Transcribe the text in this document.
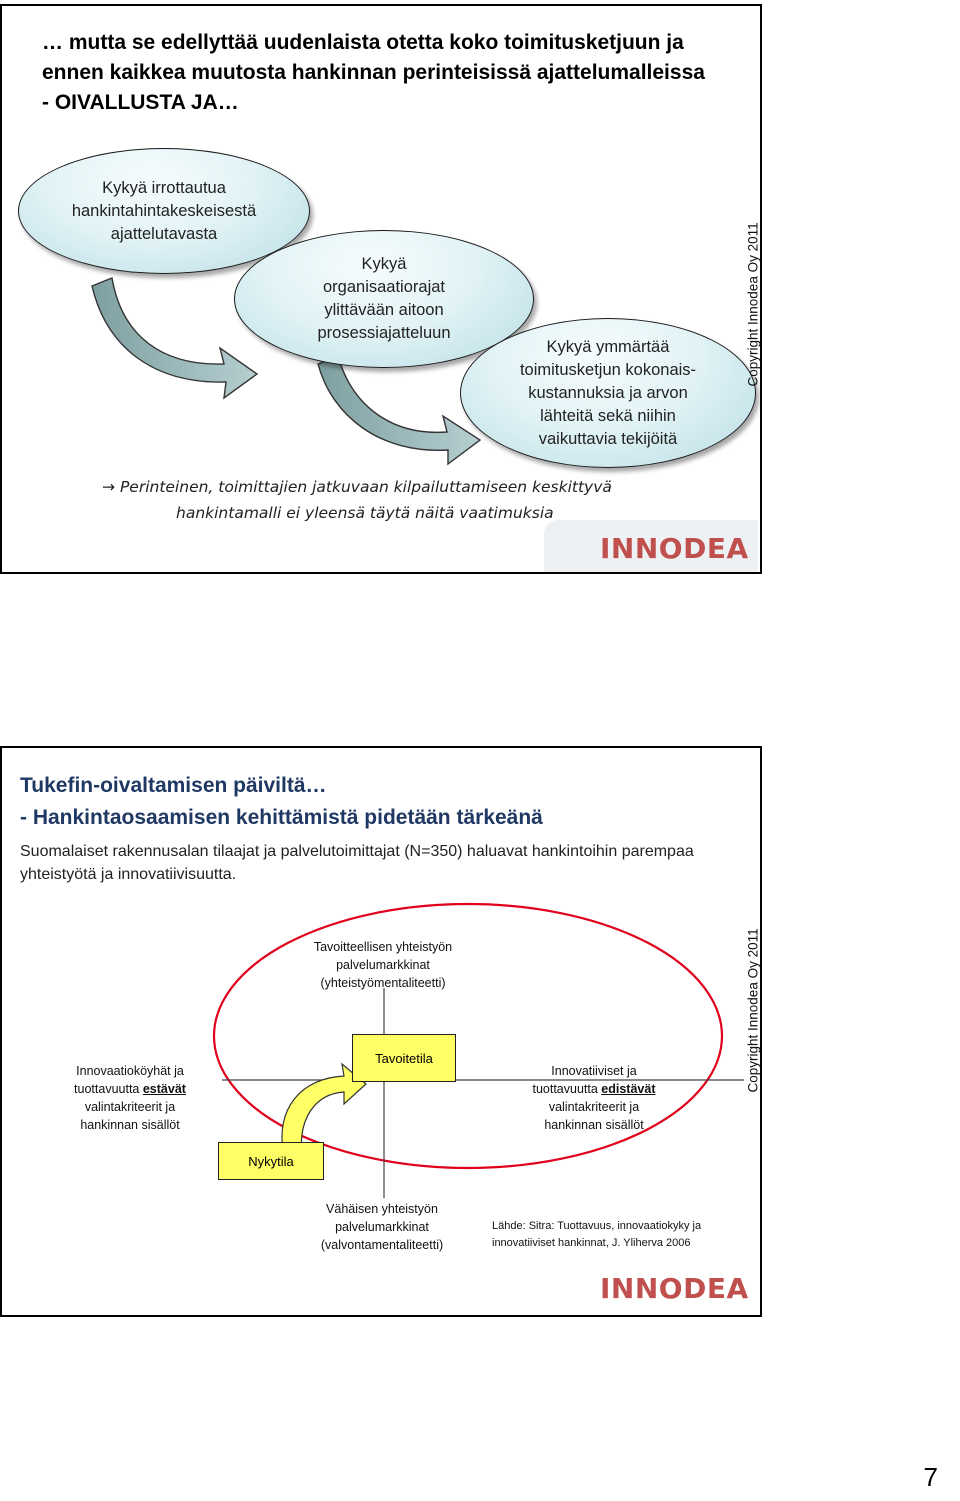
… mutta se edellyttää uudenlaista otetta koko toimitusketjuun ja
ennen kaikkea muutosta hankinnan perinteisissä ajattelumalleissa
- OIVALLUSTA JA…
Kykyä irrottautua
hankintahintakeskeisestä
ajattelutavasta
Kykyä
organisaatiorajat
ylittävään aitoon
prosessiajatteluun
Kykyä ymmärtää
toimitusketjun kokonais-
kustannuksia ja arvon
lähteitä sekä niihin
vaikuttavia tekijöitä
Copyright Innodea Oy 2011
→ Perinteinen, toimittajien jatkuvaan kilpailuttamiseen keskittyvä
hankintamalli ei yleensä täytä näitä vaatimuksia
INNODEA
Tukefin-oivaltamisen päiviltä…
- Hankintaosaamisen kehittämistä pidetään tärkeänä
Suomalaiset rakennusalan tilaajat ja palvelutoimittajat (N=350) haluavat hankintoihin parempaa yhteistyötä ja innovatiivisuutta.
Tavoitteellisen yhteistyön
palvelumarkkinat
(yhteistyömentaliteetti)
Innovaatioköyhät ja
tuottavuutta estävät
valintakriteerit ja
hankinnan sisällöt
Innovatiiviset ja
tuottavuutta edistävät
valintakriteerit ja
hankinnan sisällöt
Tavoitetila
Nykytila
Vähäisen yhteistyön
palvelumarkkinat
(valvontamentaliteetti)
Lähde: Sitra: Tuottavuus, innovaatiokyky ja
innovatiiviset hankinnat, J. Yliherva 2006
Copyright Innodea Oy 2011
INNODEA
7
